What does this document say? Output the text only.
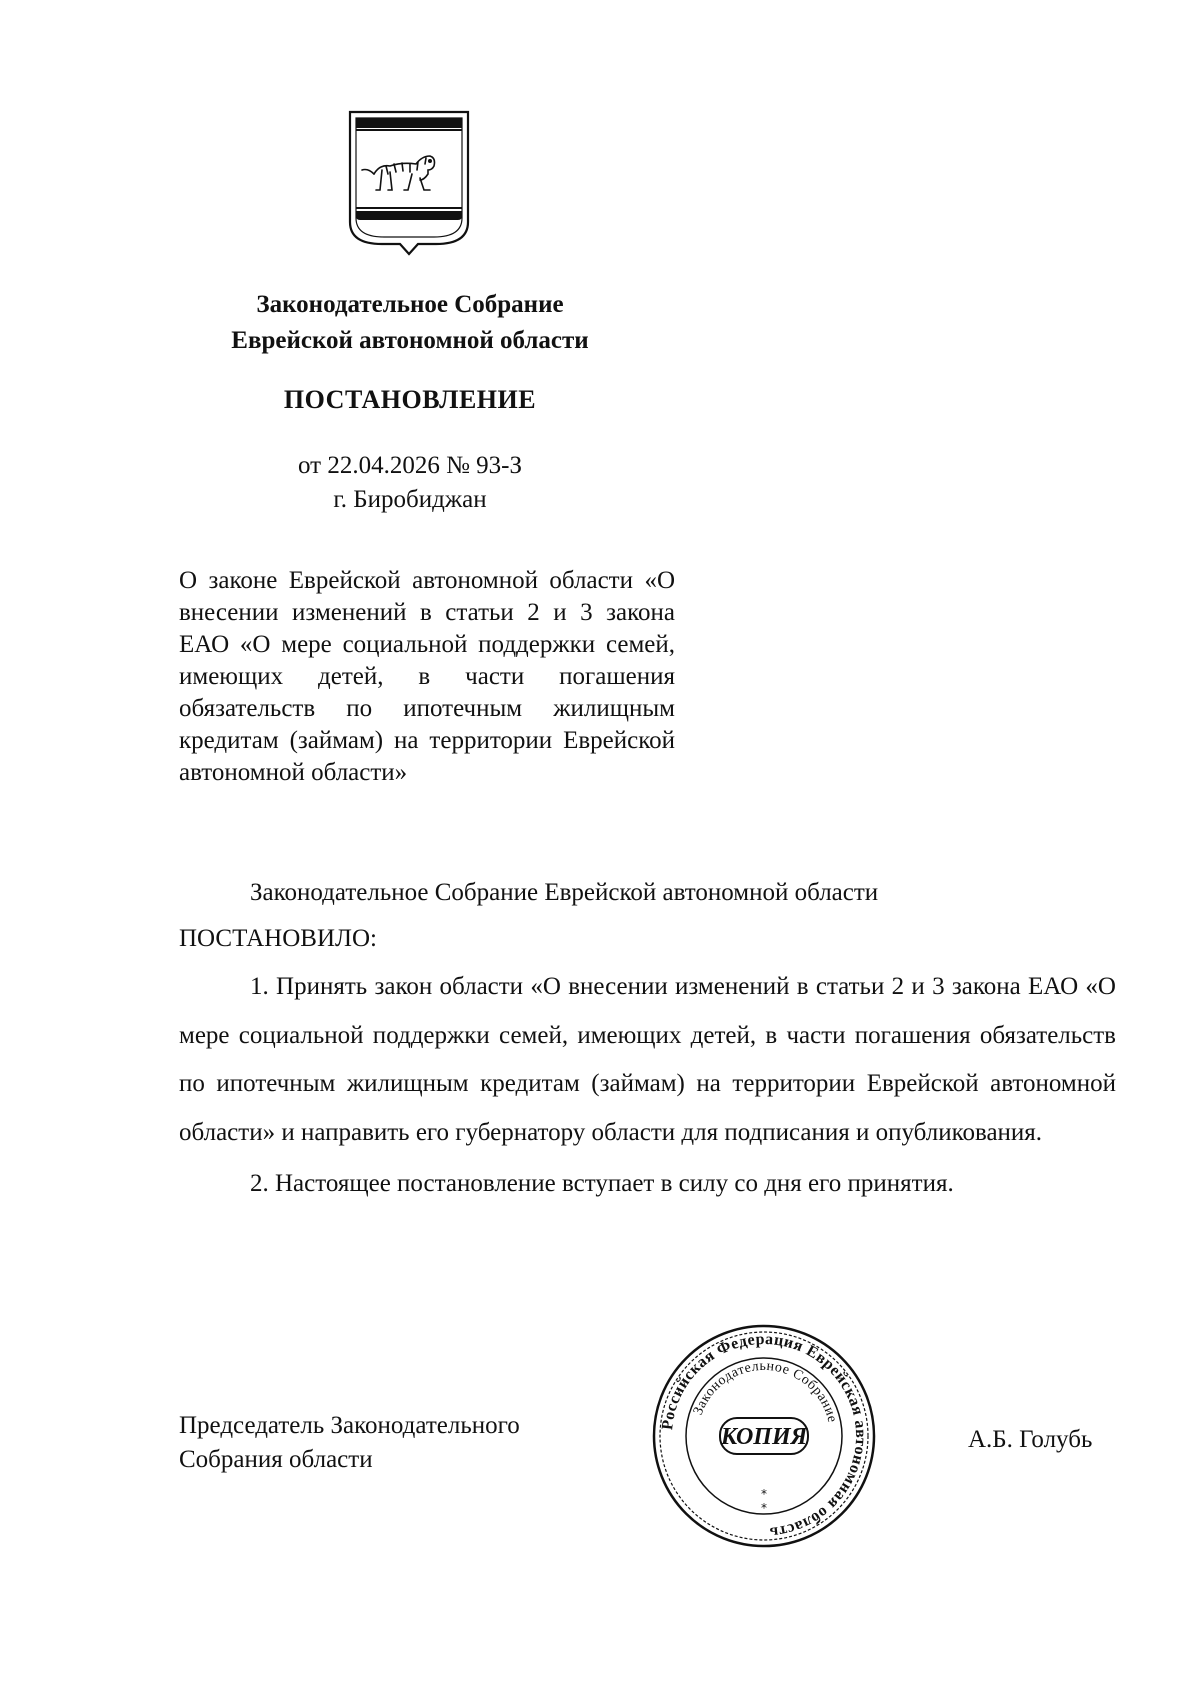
Законодательное Собрание
Еврейской автономной области
ПОСТАНОВЛЕНИЕ
от 22.04.2026 № 93-З
г. Биробиджан
О законе Еврейской автономной области «О внесении изменений в статьи 2 и 3 закона ЕАО «О мере социальной поддержки семей, имеющих детей, в части погашения обязательств по ипотечным жилищным кредитам (займам) на территории Еврейской автономной области»
Законодательное Собрание Еврейской автономной области
ПОСТАНОВИЛО:

1. Принять закон области «О внесении изменений в статьи 2 и 3 закона ЕАО «О мере социальной поддержки семей, имеющих детей, в части погашения обязательств по ипотечным жилищным кредитам (займам) на территории Еврейской автономной области» и направить его губернатору области для подписания и опубликования.

2. Настоящее постановление вступает в силу со дня его принятия.

Председатель Законодательного
Собрания области
А.Б. Голубь
Российская Федерация Еврейская автономная область
Законодательное Собрание
КОПИЯ
*
*
